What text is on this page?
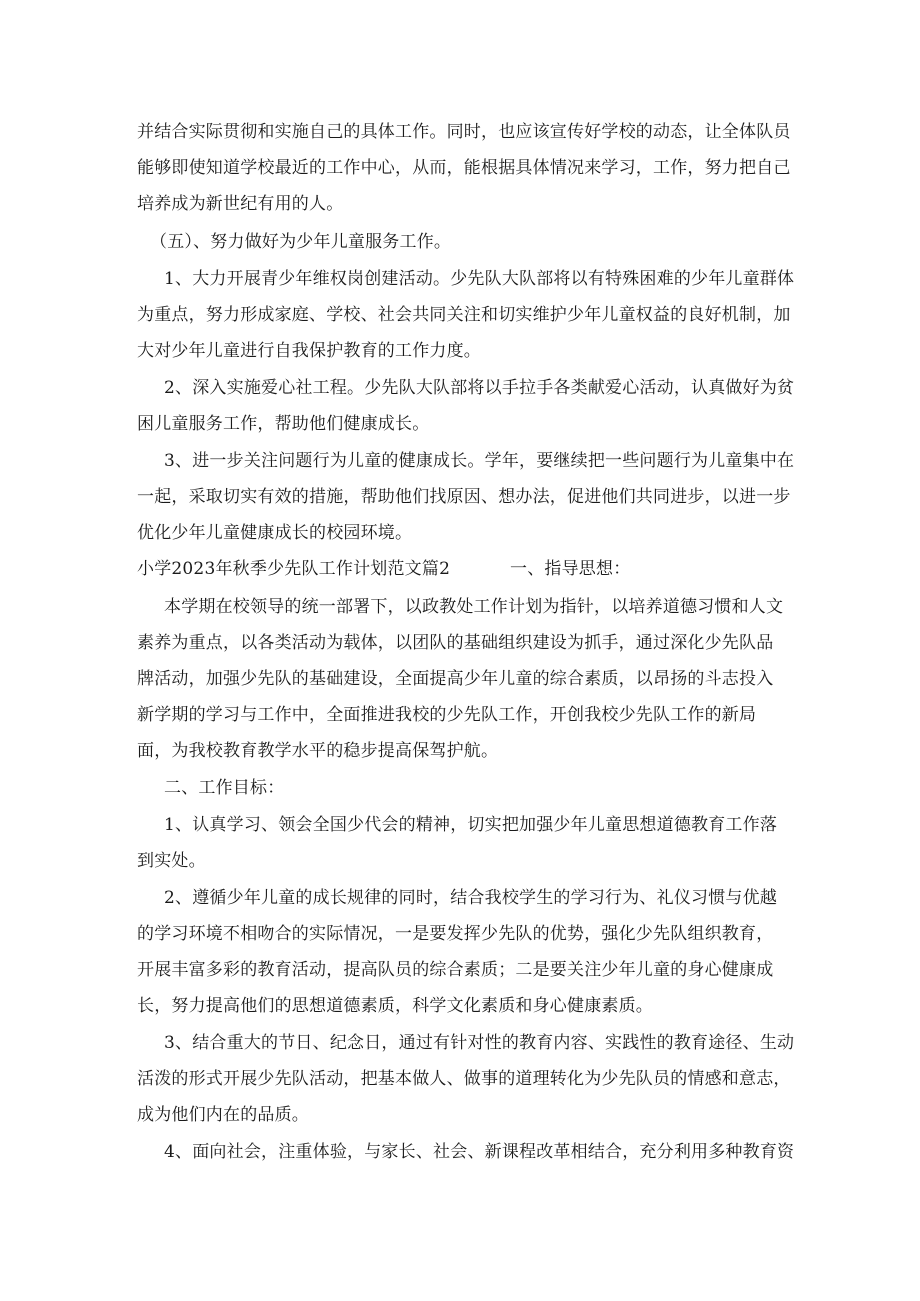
并结合实际贯彻和实施自己的具体工作。同时，也应该宣传好学校的动态，让全体队员
能够即使知道学校最近的工作中心，从而，能根据具体情况来学习，工作，努力把自己
培养成为新世纪有用的人。
（五）、努力做好为少年儿童服务工作。
1、大力开展青少年维权岗创建活动。少先队大队部将以有特殊困难的少年儿童群体
为重点，努力形成家庭、学校、社会共同关注和切实维护少年儿童权益的良好机制，加
大对少年儿童进行自我保护教育的工作力度。
2、深入实施爱心社工程。少先队大队部将以手拉手各类献爱心活动，认真做好为贫
困儿童服务工作，帮助他们健康成长。
3、进一步关注问题行为儿童的健康成长。学年，要继续把一些问题行为儿童集中在
一起，采取切实有效的措施，帮助他们找原因、想办法，促进他们共同进步，以进一步
优化少年儿童健康成长的校园环境。
小学2023年秋季少先队工作计划范文篇2	一、指导思想：
本学期在校领导的统一部署下，以政教处工作计划为指针，以培养道德习惯和人文
素养为重点，以各类活动为载体，以团队的基础组织建设为抓手，通过深化少先队品
牌活动，加强少先队的基础建设，全面提高少年儿童的综合素质，以昂扬的斗志投入
新学期的学习与工作中，全面推进我校的少先队工作，开创我校少先队工作的新局
面，为我校教育教学水平的稳步提高保驾护航。
二、工作目标：
1、认真学习、领会全国少代会的精神，切实把加强少年儿童思想道德教育工作落
到实处。
2、遵循少年儿童的成长规律的同时，结合我校学生的学习行为、礼仪习惯与优越
的学习环境不相吻合的实际情况，一是要发挥少先队的优势，强化少先队组织教育，
开展丰富多彩的教育活动，提高队员的综合素质；二是要关注少年儿童的身心健康成
长，努力提高他们的思想道德素质，科学文化素质和身心健康素质。
3、结合重大的节日、纪念日，通过有针对性的教育内容、实践性的教育途径、生动
活泼的形式开展少先队活动，把基本做人、做事的道理转化为少先队员的情感和意志，
成为他们内在的品质。
4、面向社会，注重体验，与家长、社会、新课程改革相结合，充分利用多种教育资
